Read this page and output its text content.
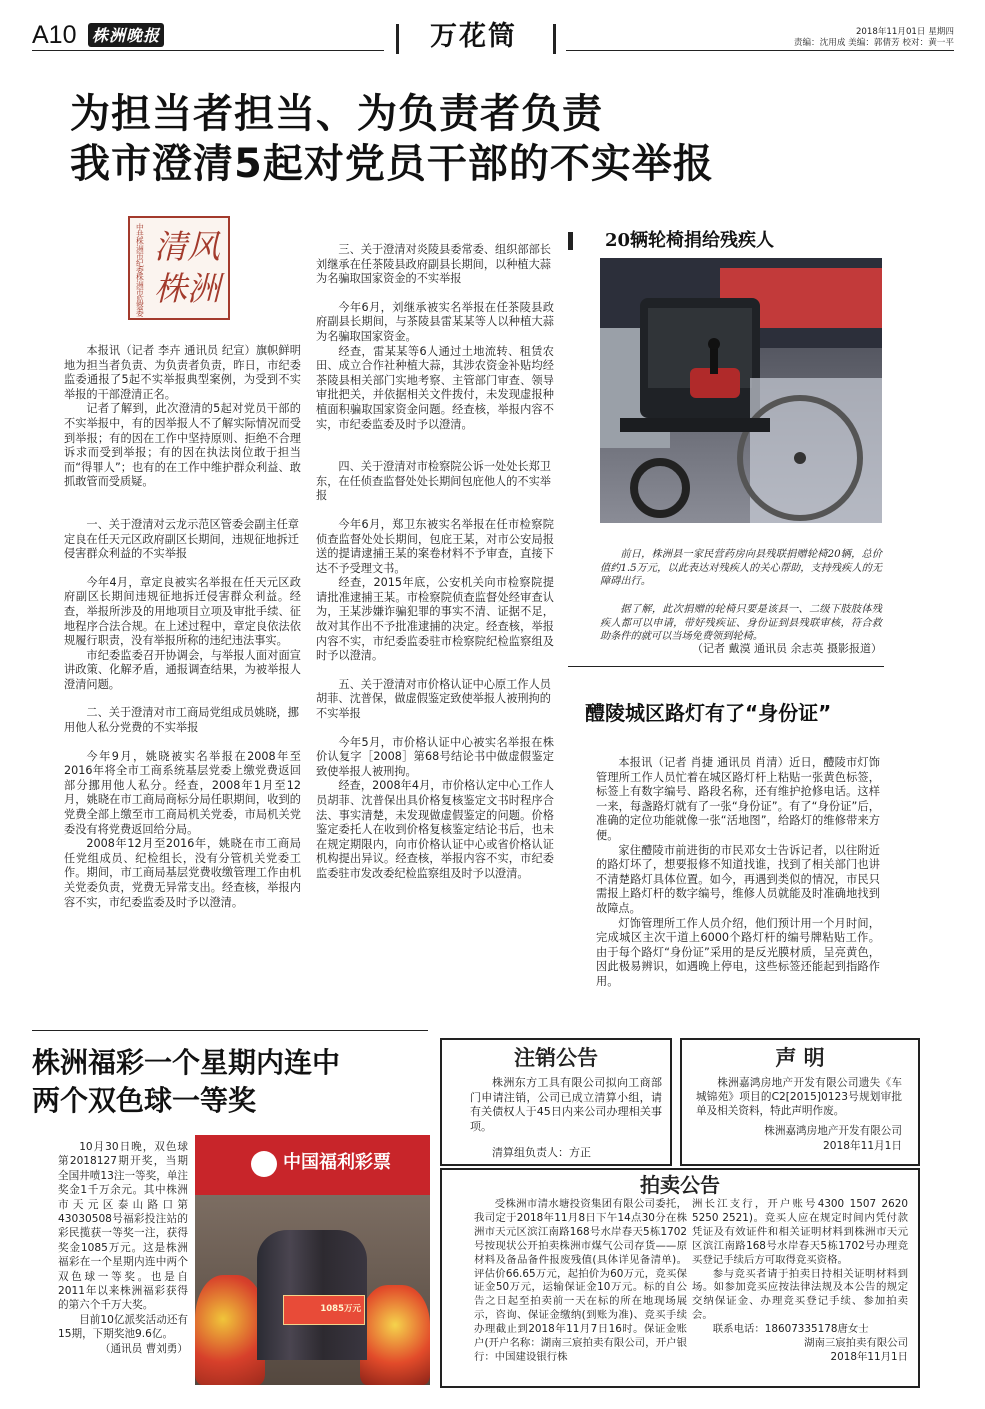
A10 株洲晚报	万花筒	2018年11月01日 星期四
责编：沈用成 美编：郭倩芳 校对：黄一平
为担当者担当、为负责者负责
我市澄清5起对党员干部的不实举报
中共株洲市纪委株洲市监察委
清风株洲

本报讯（记者 李卉 通讯员 纪宣）旗帜鲜明地为担当者负责、为负责者负责，昨日，市纪委监委通报了5起不实举报典型案例，为受到不实举报的干部澄清正名。

记者了解到，此次澄清的5起对党员干部的不实举报中，有的因举报人不了解实际情况而受到举报；有的因在工作中坚持原则、拒绝不合理诉求而受到举报；有的因在执法岗位敢于担当而“得罪人”；也有的在工作中维护群众利益、敢抓敢管而受质疑。

一、关于澄清对云龙示范区管委会副主任章定良在任天元区政府副区长期间，违规征地拆迁侵害群众利益的不实举报

今年4月，章定良被实名举报在任天元区政府副区长期间违规征地拆迁侵害群众利益。经查，举报所涉及的用地项目立项及审批手续、征地程序合法合规。在上述过程中，章定良依法依规履行职责，没有举报所称的违纪违法事实。

市纪委监委召开协调会，与举报人面对面宣讲政策、化解矛盾，通报调查结果，为被举报人澄清问题。

二、关于澄清对市工商局党组成员姚晓，挪用他人私分党费的不实举报

今年9月，姚晓被实名举报在2008年至2016年将全市工商系统基层党委上缴党费返回部分挪用他人私分。经查，2008年1月至12月，姚晓在市工商局商标分局任职期间，收到的党费全部上缴至市工商局机关党委，市局机关党委没有将党费返回给分局。

2008年12月至2016年，姚晓在市工商局任党组成员、纪检组长，没有分管机关党委工作。期间，市工商局基层党费收缴管理工作由机关党委负责，党费无异常支出。经查核，举报内容不实，市纪委监委及时予以澄清。

三、关于澄清对炎陵县委常委、组织部部长刘继承在任茶陵县政府副县长期间，以种植大蒜为名骗取国家资金的不实举报

今年6月，刘继承被实名举报在任茶陵县政府副县长期间，与茶陵县雷某某等人以种植大蒜为名骗取国家资金。

经查，雷某某等6人通过土地流转、租赁农田、成立合作社种植大蒜，其涉农资金补贴均经茶陵县相关部门实地考察、主管部门审查、领导审批把关，并依据相关文件拨付，未发现虚报种植面积骗取国家资金问题。经查核，举报内容不实，市纪委监委及时予以澄清。

四、关于澄清对市检察院公诉一处处长郑卫东，在任侦查监督处处长期间包庇他人的不实举报

今年6月，郑卫东被实名举报在任市检察院侦查监督处处长期间，包庇王某，对市公安局报送的提请逮捕王某的案卷材料不予审查，直接下达不予受理文书。

经查，2015年底，公安机关向市检察院提请批准逮捕王某。市检察院侦查监督处经审查认为，王某涉嫌诈骗犯罪的事实不清、证据不足，故对其作出不予批准逮捕的决定。经查核，举报内容不实，市纪委监委驻市检察院纪检监察组及时予以澄清。

五、关于澄清对市价格认证中心原工作人员胡菲、沈普保，做虚假鉴定致使举报人被刑拘的不实举报

今年5月，市价格认证中心被实名举报在株价认复字［2008］第68号结论书中做虚假鉴定致使举报人被刑拘。

经查，2008年4月，市价格认定中心工作人员胡菲、沈普保出具价格复核鉴定文书时程序合法、事实清楚，未发现做虚假鉴定的问题。价格鉴定委托人在收到价格复核鉴定结论书后，也未在规定期限内，向市价格认证中心或省价格认证机构提出异议。经查核，举报内容不实，市纪委监委驻市发改委纪检监察组及时予以澄清。

20辆轮椅捐给残疾人
前日，株洲县一家民营药房向县残联捐赠轮椅20辆，总价值约1.5万元，以此表达对残疾人的关心帮助，支持残疾人的无障碍出行。
据了解，此次捐赠的轮椅只要是该县一、二级下肢肢体残疾人都可以申请，带好残疾证、身份证到县残联审核，符合救助条件的就可以当场免费领到轮椅。
（记者 戴漠 通讯员 余志英 摄影报道）
醴陵城区路灯有了“身份证”

本报讯（记者 肖捷 通讯员 肖清）近日，醴陵市灯饰管理所工作人员忙着在城区路灯杆上粘贴一张黄色标签，标签上有数字编号、路段名称，还有维护抢修电话。这样一来，每盏路灯就有了一张“身份证”。有了“身份证”后，准确的定位功能就像一张“活地图”，给路灯的维修带来方便。

家住醴陵市前进街的市民邓女士告诉记者，以往附近的路灯坏了，想要报修不知道找谁，找到了相关部门也讲不清楚路灯具体位置。如今，再遇到类似的情况，市民只需报上路灯杆的数字编号，维修人员就能及时准确地找到故障点。

灯饰管理所工作人员介绍，他们预计用一个月时间，完成城区主次干道上6000个路灯杆的编号牌粘贴工作。由于每个路灯“身份证”采用的是反光膜材质，呈亮黄色，因此极易辨识，如遇晚上停电，这些标签还能起到指路作用。

株洲福彩一个星期内连中
两个双色球一等奖

10月30日晚，双色球第2018127期开奖，当期全国井喷13注一等奖，单注奖金1千万余元。其中株洲市天元区泰山路口第43030508号福彩投注站的彩民揽获一等奖一注，获得奖金1085万元。这是株洲福彩在一个星期内连中两个双色球一等奖。也是自2011年以来株洲福彩获得的第六个千万大奖。

目前10亿派奖活动还有15期，下期奖池9.6亿。

（通讯员 曹刘勇）

中国福利彩票
1085万元
注销公告
株洲东方工具有限公司拟向工商部门申请注销，公司已成立清算小组，请有关债权人于45日内来公司办理相关事项。
清算组负责人：方正
声 明
株洲嘉鸿房地产开发有限公司遗失《车城锦苑》项目的C2[2015]0123号规划审批单及相关资料，特此声明作废。
株洲嘉鸿房地产开发有限公司
2018年11月1日
拍卖公告
受株洲市清水塘投资集团有限公司委托，我司定于2018年11月8日下午14点30分在株洲市天元区滨江南路168号水岸春天5栋1702号按现状公开拍卖株洲市煤气公司存货——原材料及备品备件报废残值(具体详见备清单)。评估价66.65万元，起拍价为60万元，竞买保证金50万元，运输保证金10万元。标的自公告之日起至拍卖前一天在标的所在地现场展示，咨询、保证金缴纳(到账为准)、竞买手续办理截止到2018年11月7日16时。保证金账户(开户名称：湖南三宸拍卖有限公司，开户银行：中国建设银行株

洲长江支行，开户账号4300 1507 2620 5250 2521)。竞买人应在规定时间内凭付款凭证及有效证件和相关证明材料到株洲市天元区滨江南路168号水岸春天5栋1702号办理竞买登记手续后方可取得竞买资格。

参与竞买者请于拍卖日持相关证明材料到场。如参加竞买应按法律法规及本公告的规定交纳保证金、办理竞买登记手续、参加拍卖会。

联系电话：18607335178唐女士

湖南三宸拍卖有限公司

2018年11月1日
